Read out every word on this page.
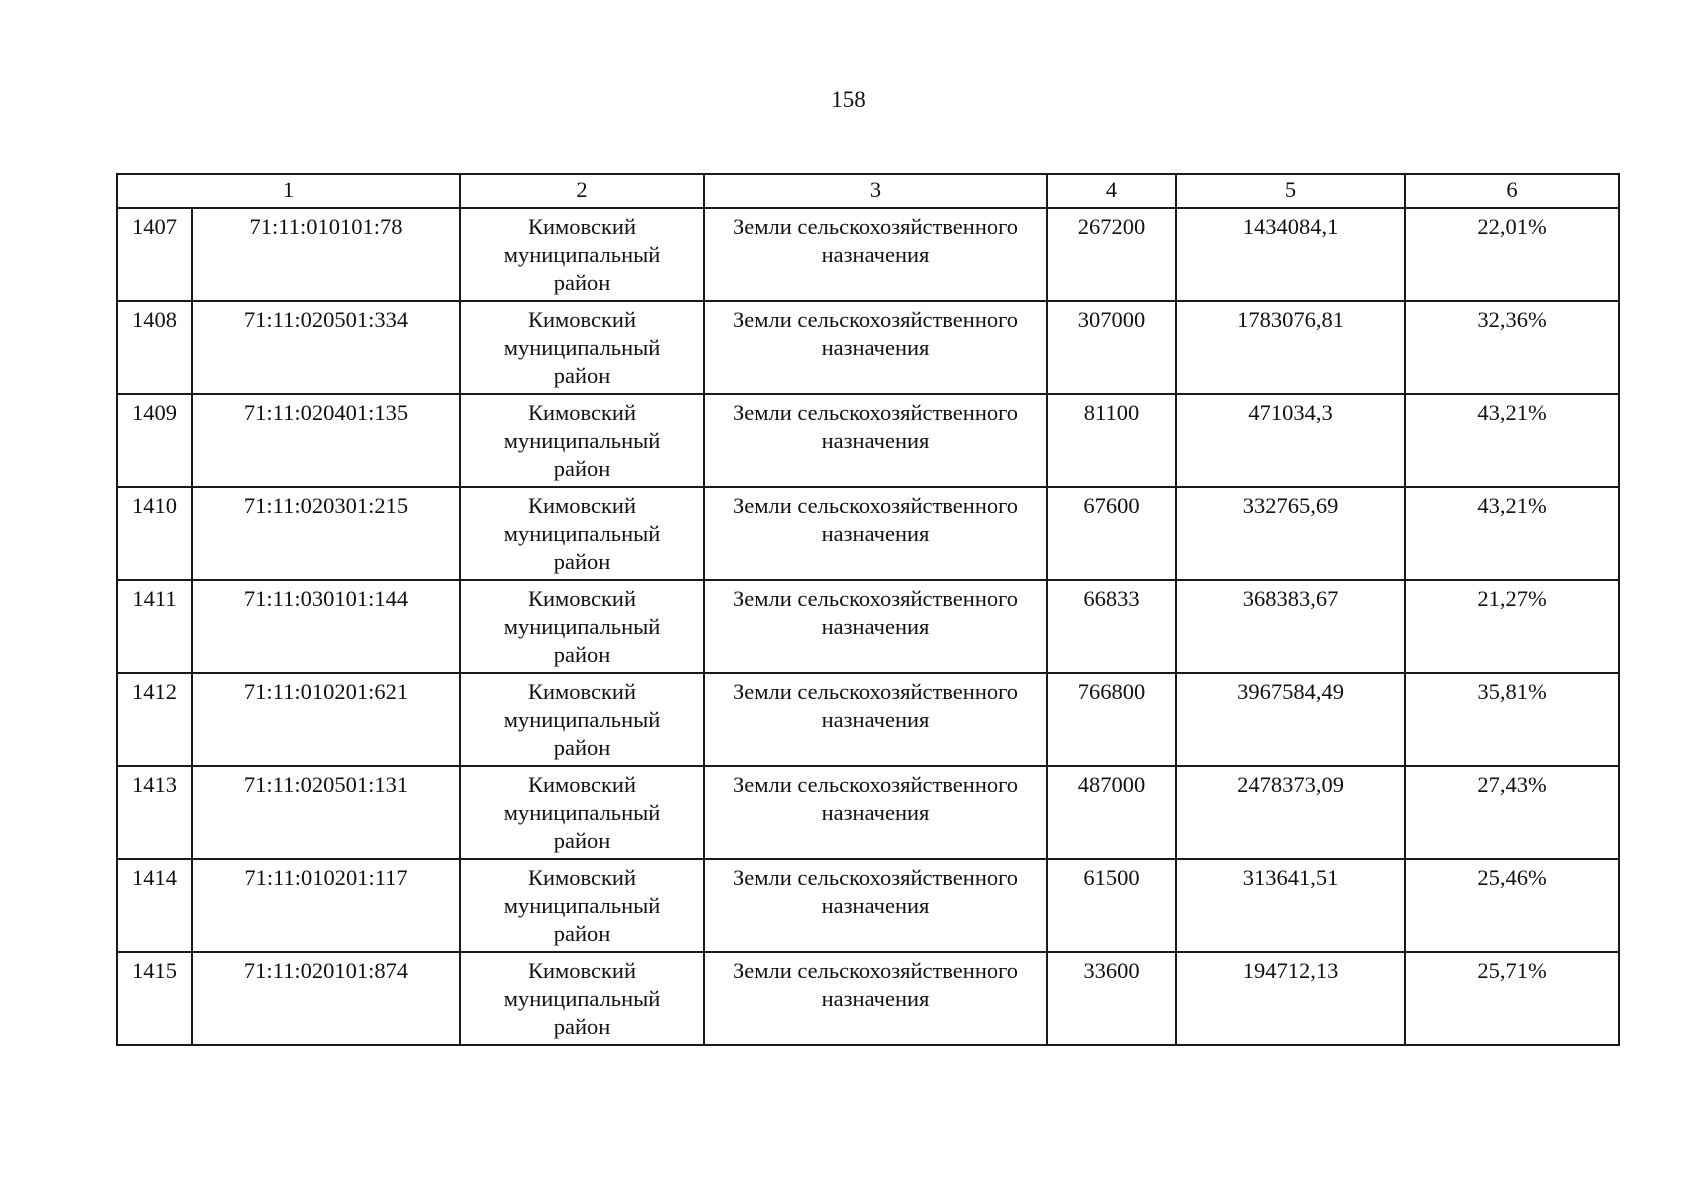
158
1		2	3	4	5	6
1407	71:11:010101:78	Кимовский
муниципальный
район	Земли сельскохозяйственного
назначения	267200	1434084,1	22,01%
1408	71:11:020501:334	Кимовский
муниципальный
район	Земли сельскохозяйственного
назначения	307000	1783076,81	32,36%
1409	71:11:020401:135	Кимовский
муниципальный
район	Земли сельскохозяйственного
назначения	81100	471034,3	43,21%
1410	71:11:020301:215	Кимовский
муниципальный
район	Земли сельскохозяйственного
назначения	67600	332765,69	43,21%
1411	71:11:030101:144	Кимовский
муниципальный
район	Земли сельскохозяйственного
назначения	66833	368383,67	21,27%
1412	71:11:010201:621	Кимовский
муниципальный
район	Земли сельскохозяйственного
назначения	766800	3967584,49	35,81%
1413	71:11:020501:131	Кимовский
муниципальный
район	Земли сельскохозяйственного
назначения	487000	2478373,09	27,43%
1414	71:11:010201:117	Кимовский
муниципальный
район	Земли сельскохозяйственного
назначения	61500	313641,51	25,46%
1415	71:11:020101:874	Кимовский
муниципальный
район	Земли сельскохозяйственного
назначения	33600	194712,13	25,71%
